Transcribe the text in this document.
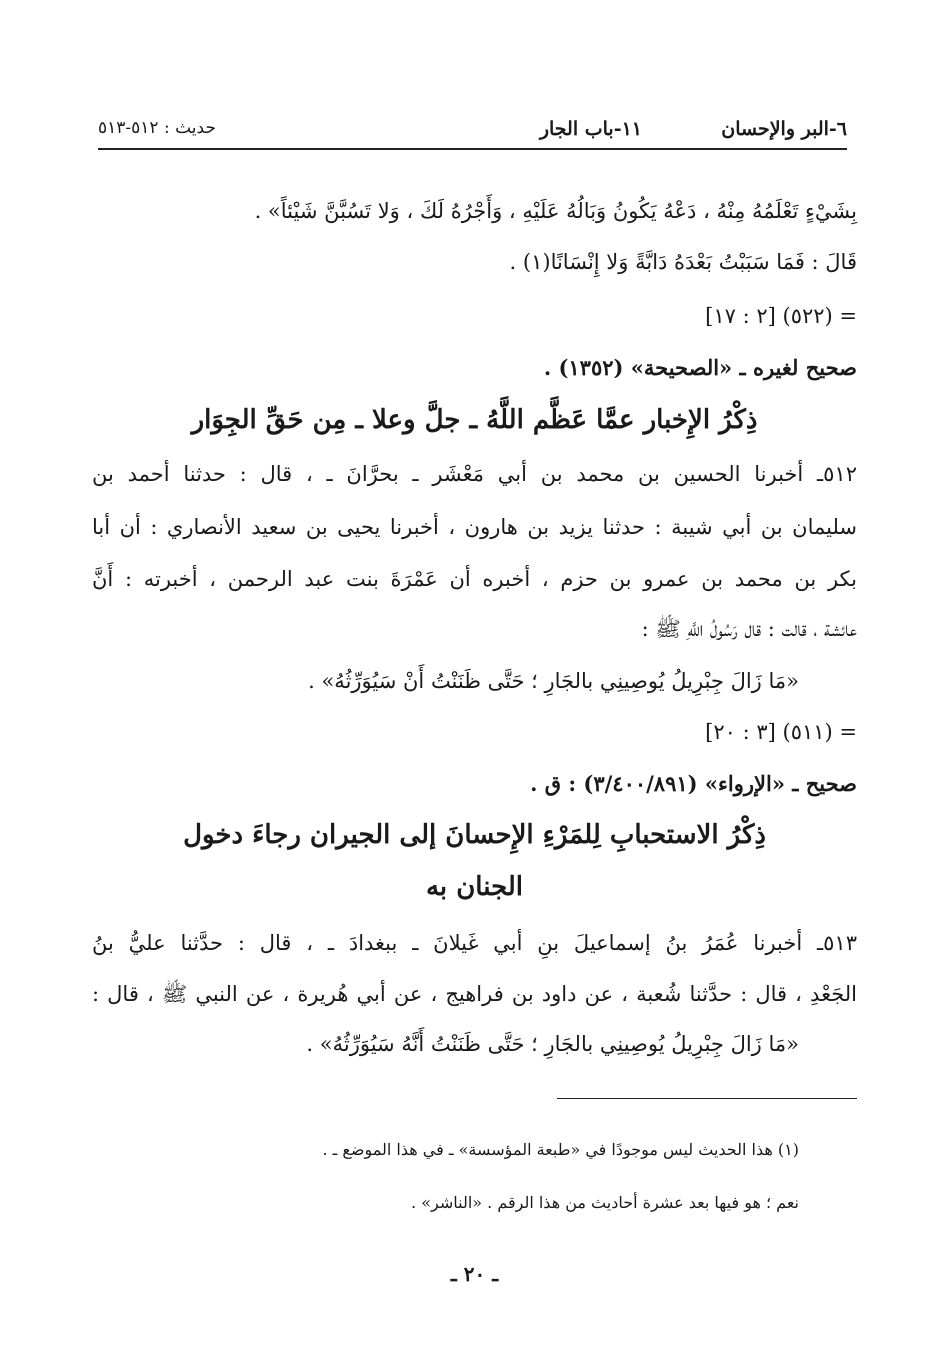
٦-البر والإحسان
١١-باب الجار
حديث : ٥١٢-٥١٣
بِشَيْءٍ تَعْلَمُهُ مِنْهُ ، دَعْهُ يَكُونُ وَبَالُهُ عَلَيْهِ ، وَأَجْرُهُ لَكَ ، وَلا تَسُبَّنَّ شَيْئاً» .
قَالَ : فَمَا سَبَبْتُ بَعْدَهُ دَابَّةً وَلا إِنْسَانًا(١) .
= (٥٢٢) [٢ : ١٧]
صحيح لغيره ـ «الصحيحة» (١٣٥٢) .
ذِكْرُ الإِخبار عمَّا عَظَّم اللَّهُ ـ جلَّ وعلا ـ مِن حَقِّ الجِوَار
٥١٢ـ أخبرنا الحسين بن محمد بن أبي مَعْشَر ـ بحرَّانَ ـ ، قال : حدثنا أحمد بن
سليمان بن أبي شيبة : حدثنا يزيد بن هارون ، أخبرنا يحيى بن سعيد الأنصاري : أن أبا
بكر بن محمد بن عمرو بن حزم ، أخبره أن عَمْرَةَ بنت عبد الرحمن ، أخبرته : أَنَّ
عائشة ، قالت : قال رَسُولُ اللَّهِ ﷺ :
«مَا زَالَ جِبْرِيلُ يُوصِينِي بالجَارِ ؛ حَتَّى ظَنَنْتُ أَنْ سَيُوَرِّثُهُ» .
= (٥١١) [٣ : ٢٠]
صحيح ـ «الإرواء» (٣/٤٠٠/٨٩١) : ق .
ذِكْرُ الاستحبابِ لِلمَرْءِ الإِحسانَ إلى الجيران رجاءَ دخول
الجنان به
٥١٣ـ أخبرنا عُمَرُ بنُ إسماعيلَ بنِ أبي غَيلانَ ـ ببغدادَ ـ ، قال : حدَّثنا عليُّ بنُ
الجَعْدِ ، قال : حدَّثنا شُعبة ، عن داود بن فراهيج ، عن أبي هُريرة ، عن النبي ﷺ ، قال :
«مَا زَالَ جِبْرِيلُ يُوصِينِي بالجَارِ ؛ حَتَّى ظَنَنْتُ أَنَّهُ سَيُوَرِّثُهُ» .
(١) هذا الحديث ليس موجودًا في «طبعة المؤسسة» ـ في هذا الموضع ـ .
نعم ؛ هو فيها بعد عشرة أحاديث من هذا الرقم . «الناشر» .
ـ ٢٠ ـ
